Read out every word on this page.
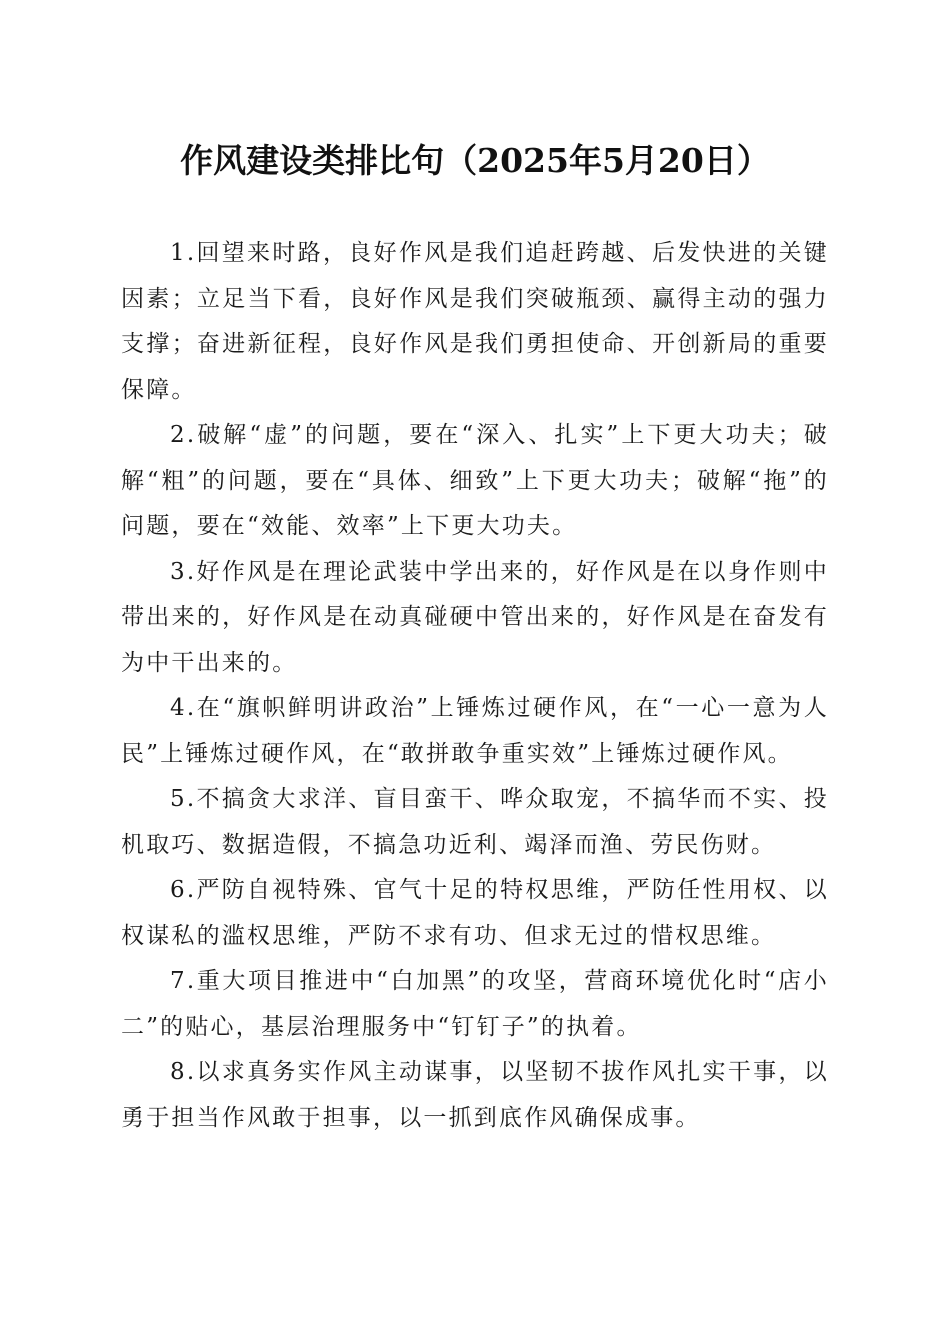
作风建设类排比句（2025年5月20日）

1.回望来时路，良好作风是我们追赶跨越、后发快进的关键因素；立足当下看，良好作风是我们突破瓶颈、赢得主动的强力支撑；奋进新征程，良好作风是我们勇担使命、开创新局的重要保障。

2.破解“虚”的问题，要在“深入、扎实”上下更大功夫；破解“粗”的问题，要在“具体、细致”上下更大功夫；破解“拖”的问题，要在“效能、效率”上下更大功夫。

3.好作风是在理论武装中学出来的，好作风是在以身作则中带出来的，好作风是在动真碰硬中管出来的，好作风是在奋发有为中干出来的。

4.在“旗帜鲜明讲政治”上锤炼过硬作风，在“一心一意为人民”上锤炼过硬作风，在“敢拼敢争重实效”上锤炼过硬作风。

5.不搞贪大求洋、盲目蛮干、哗众取宠，不搞华而不实、投机取巧、数据造假，不搞急功近利、竭泽而渔、劳民伤财。

6.严防自视特殊、官气十足的特权思维，严防任性用权、以权谋私的滥权思维，严防不求有功、但求无过的惜权思维。

7.重大项目推进中“白加黑”的攻坚，营商环境优化时“店小二”的贴心，基层治理服务中“钉钉子”的执着。

8.以求真务实作风主动谋事，以坚韧不拔作风扎实干事，以勇于担当作风敢于担事，以一抓到底作风确保成事。
